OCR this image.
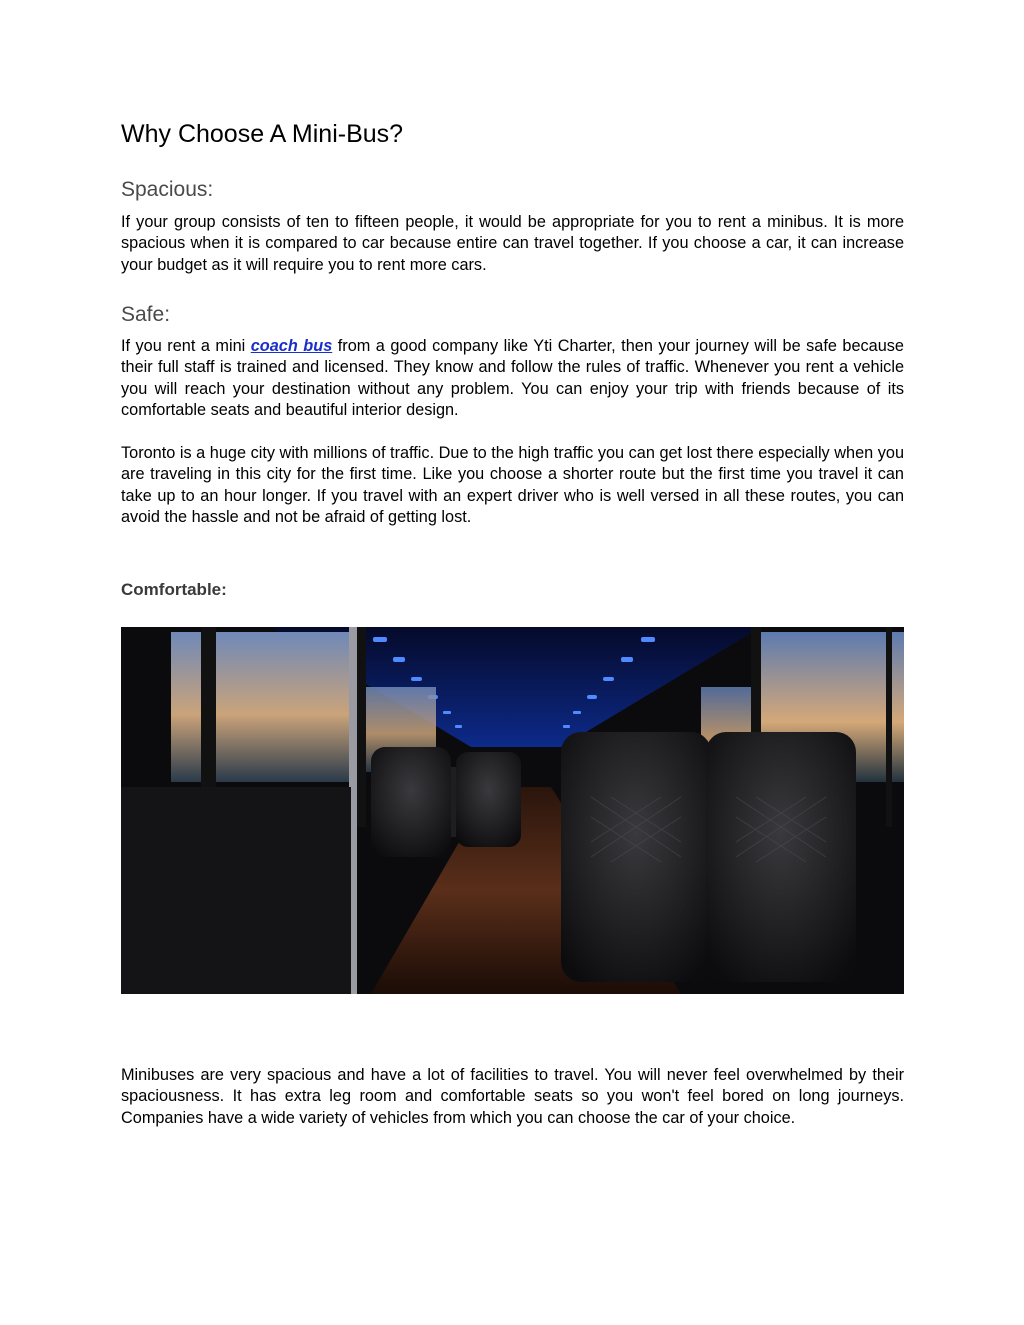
Why Choose A Mini-Bus?
Spacious:

If your group consists of ten to fifteen people, it would be appropriate for you to rent a minibus. It is more spacious when it is compared to car because entire can travel together. If you choose a car, it can increase your budget as it will require you to rent more cars.

Safe:

If you rent a mini coach bus from a good company like Yti Charter, then your journey will be safe because their full staff is trained and licensed. They know and follow the rules of traffic. Whenever you rent a vehicle you will reach your destination without any problem. You can enjoy your trip with friends because of its comfortable seats and beautiful interior design.

Toronto is a huge city with millions of traffic. Due to the high traffic you can get lost there especially when you are traveling in this city for the first time. Like you choose a shorter route but the first time you travel it can take up to an hour longer. If you travel with an expert driver who is well versed in all these routes, you can avoid the hassle and not be afraid of getting lost.

Comfortable:

Minibuses are very spacious and have a lot of facilities to travel. You will never feel overwhelmed by their spaciousness. It has extra leg room and comfortable seats so you won't feel bored on long journeys. Companies have a wide variety of vehicles from which you can choose the car of your choice.
